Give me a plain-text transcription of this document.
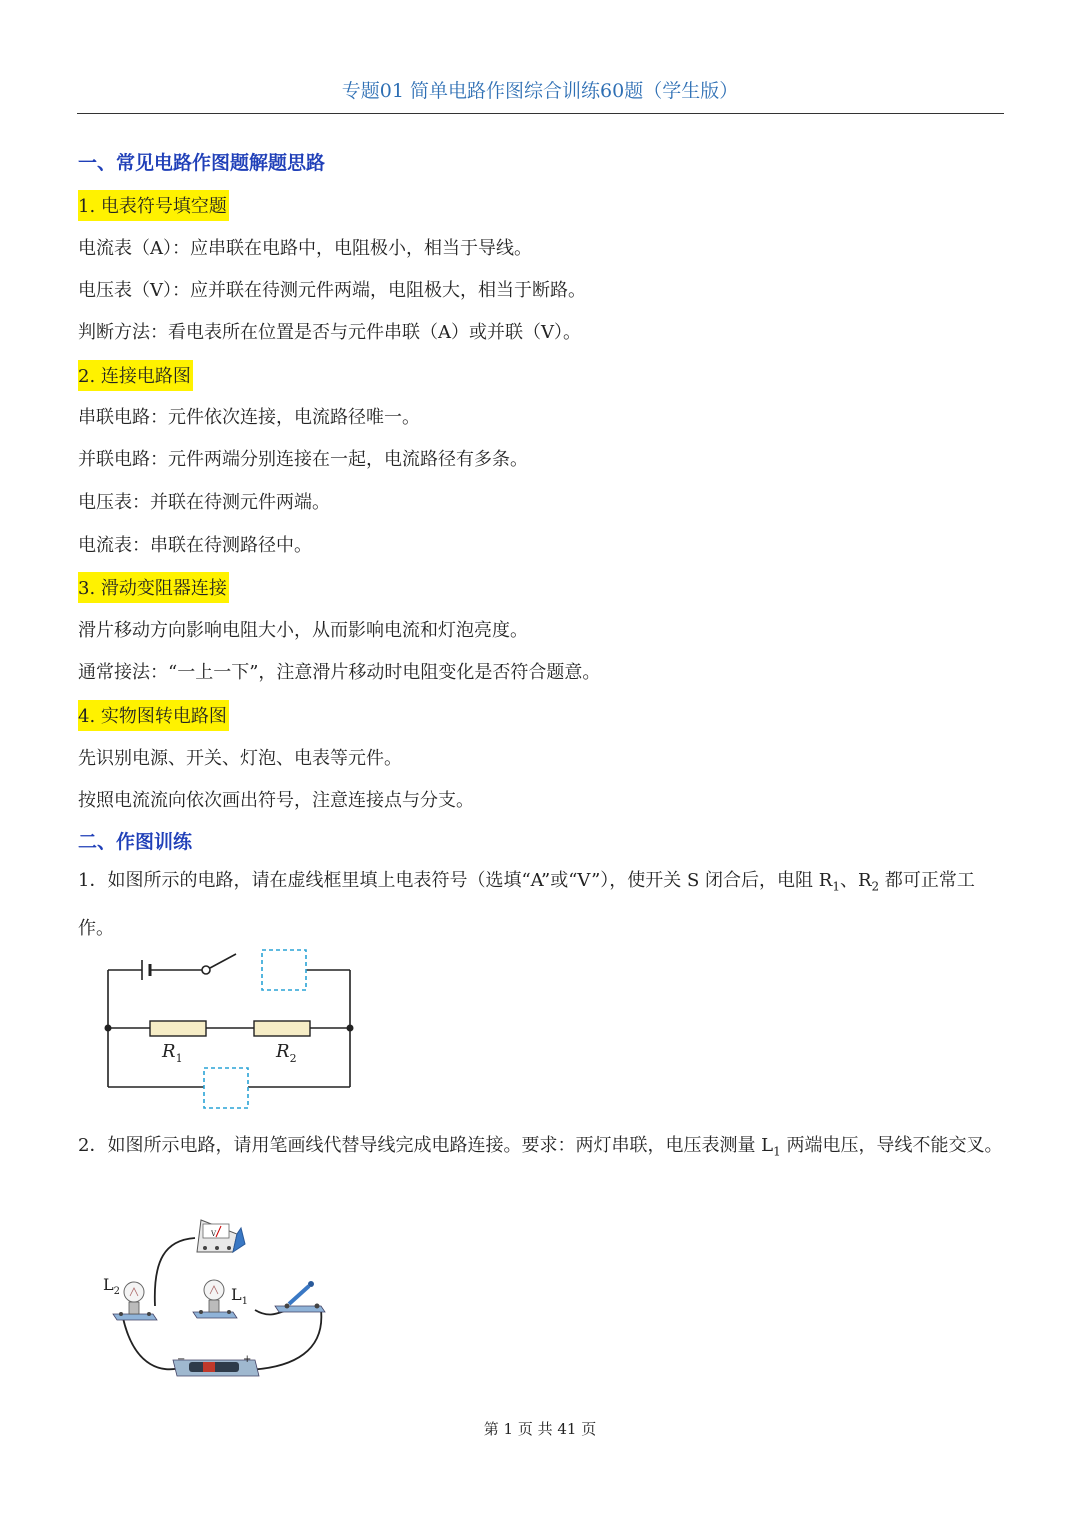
专题01 简单电路作图综合训练60题（学生版）
一、常见电路作图题解题思路
1. 电表符号填空题
电流表（A）：应串联在电路中，电阻极小，相当于导线。
电压表（V）：应并联在待测元件两端，电阻极大，相当于断路。
判断方法：看电表所在位置是否与元件串联（A）或并联（V）。
2. 连接电路图
串联电路：元件依次连接，电流路径唯一。
并联电路：元件两端分别连接在一起，电流路径有多条。
电压表：并联在待测元件两端。
电流表：串联在待测路径中。
3. 滑动变阻器连接
滑片移动方向影响电阻大小，从而影响电流和灯泡亮度。
通常接法：“一上一下”，注意滑片移动时电阻变化是否符合题意。
4. 实物图转电路图
先识别电源、开关、灯泡、电表等元件。
按照电流流向依次画出符号，注意连接点与分支。
二、作图训练
1．如图所示的电路，请在虚线框里填上电表符号（选填“A”或“V”），使开关 S 闭合后，电阻 $R_1$、$R_2$ 都可正常工作。
$R_1$	$R_2$
2．如图所示电路，请用笔画线代替导线完成电路连接。要求：两灯串联，电压表测量 $L_1$ 两端电压，导线不能交叉。
V
$L_2$	$L_1$
−	+
第 1 页 共 41 页
